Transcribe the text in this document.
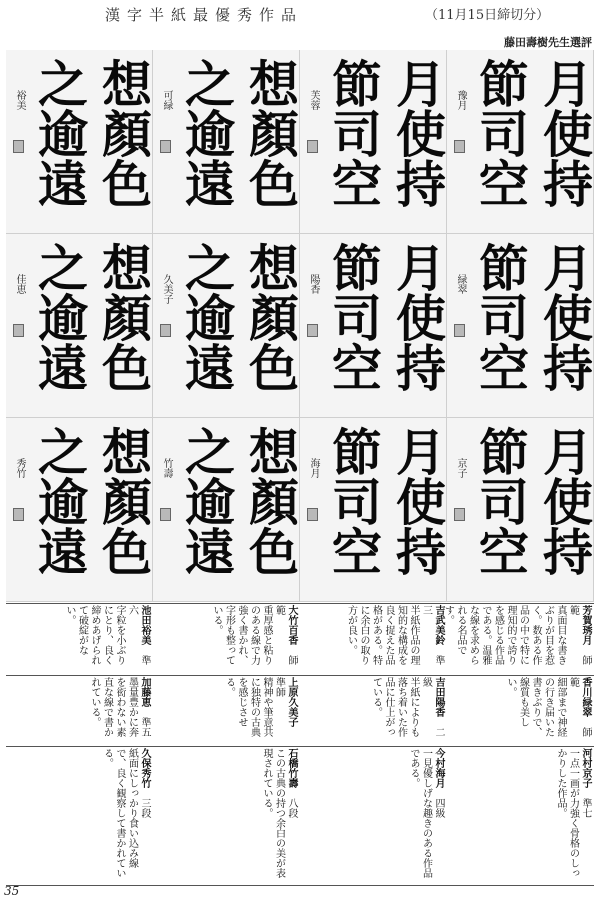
漢字半紙最優秀作品	（11月15日締切分）
藤田壽樹先生選評
月使持
節司空
豫月
月使持
節司空
芙蓉
想顏色
之逾遠
可緑
想顏色
之逾遠
裕美
月使持
節司空
緑翠
月使持
節司空
陽香
想顏色
之逾遠
久美子
想顏色
之逾遠
佳恵
月使持
節司空
京子
月使持
節司空
海月
想顏色
之逾遠
竹壽
想顏色
之逾遠
秀竹
芳賀琇月　師範
真面目な書きぶりが目を惹く。数ある作品の中で特に理知的で誇りを感じる作品である。温雅な線を求められる名品です。
吉武美鈴　準三
半紙作品の理知的な構成を良く捉えた品格がある。特に余白の取り方が良い。
大竹百香　師範
重厚感と粘りのある線で力強く書かれ、字形も整っている。
池田裕美　準六
字粒を小ぶりにとり、良く締めあげられて破綻がない。
香川緑翠　師範
細部まで神経の行き届いた書きぶりで、線質も美しい。
吉田陽香　二級
半紙によりも落ち着いた作品に仕上がっている。
上原久美子　準師
精神や筆意共に独特の古典を感じさせる。
加藤恵　準五
墨量豊かに奔を衒わない素直な線で書かれている。
河村京子　準七
一点一画が力強く骨格のしっかりした作品。
今村海月　四級
一見優しげな趣きのある作品である。
石橋竹壽　八段
この古典の持つ余白の美が表現されている。
久保秀竹　三段
紙面にしっかり食い込み線で、良く観察して書かれている。
35
